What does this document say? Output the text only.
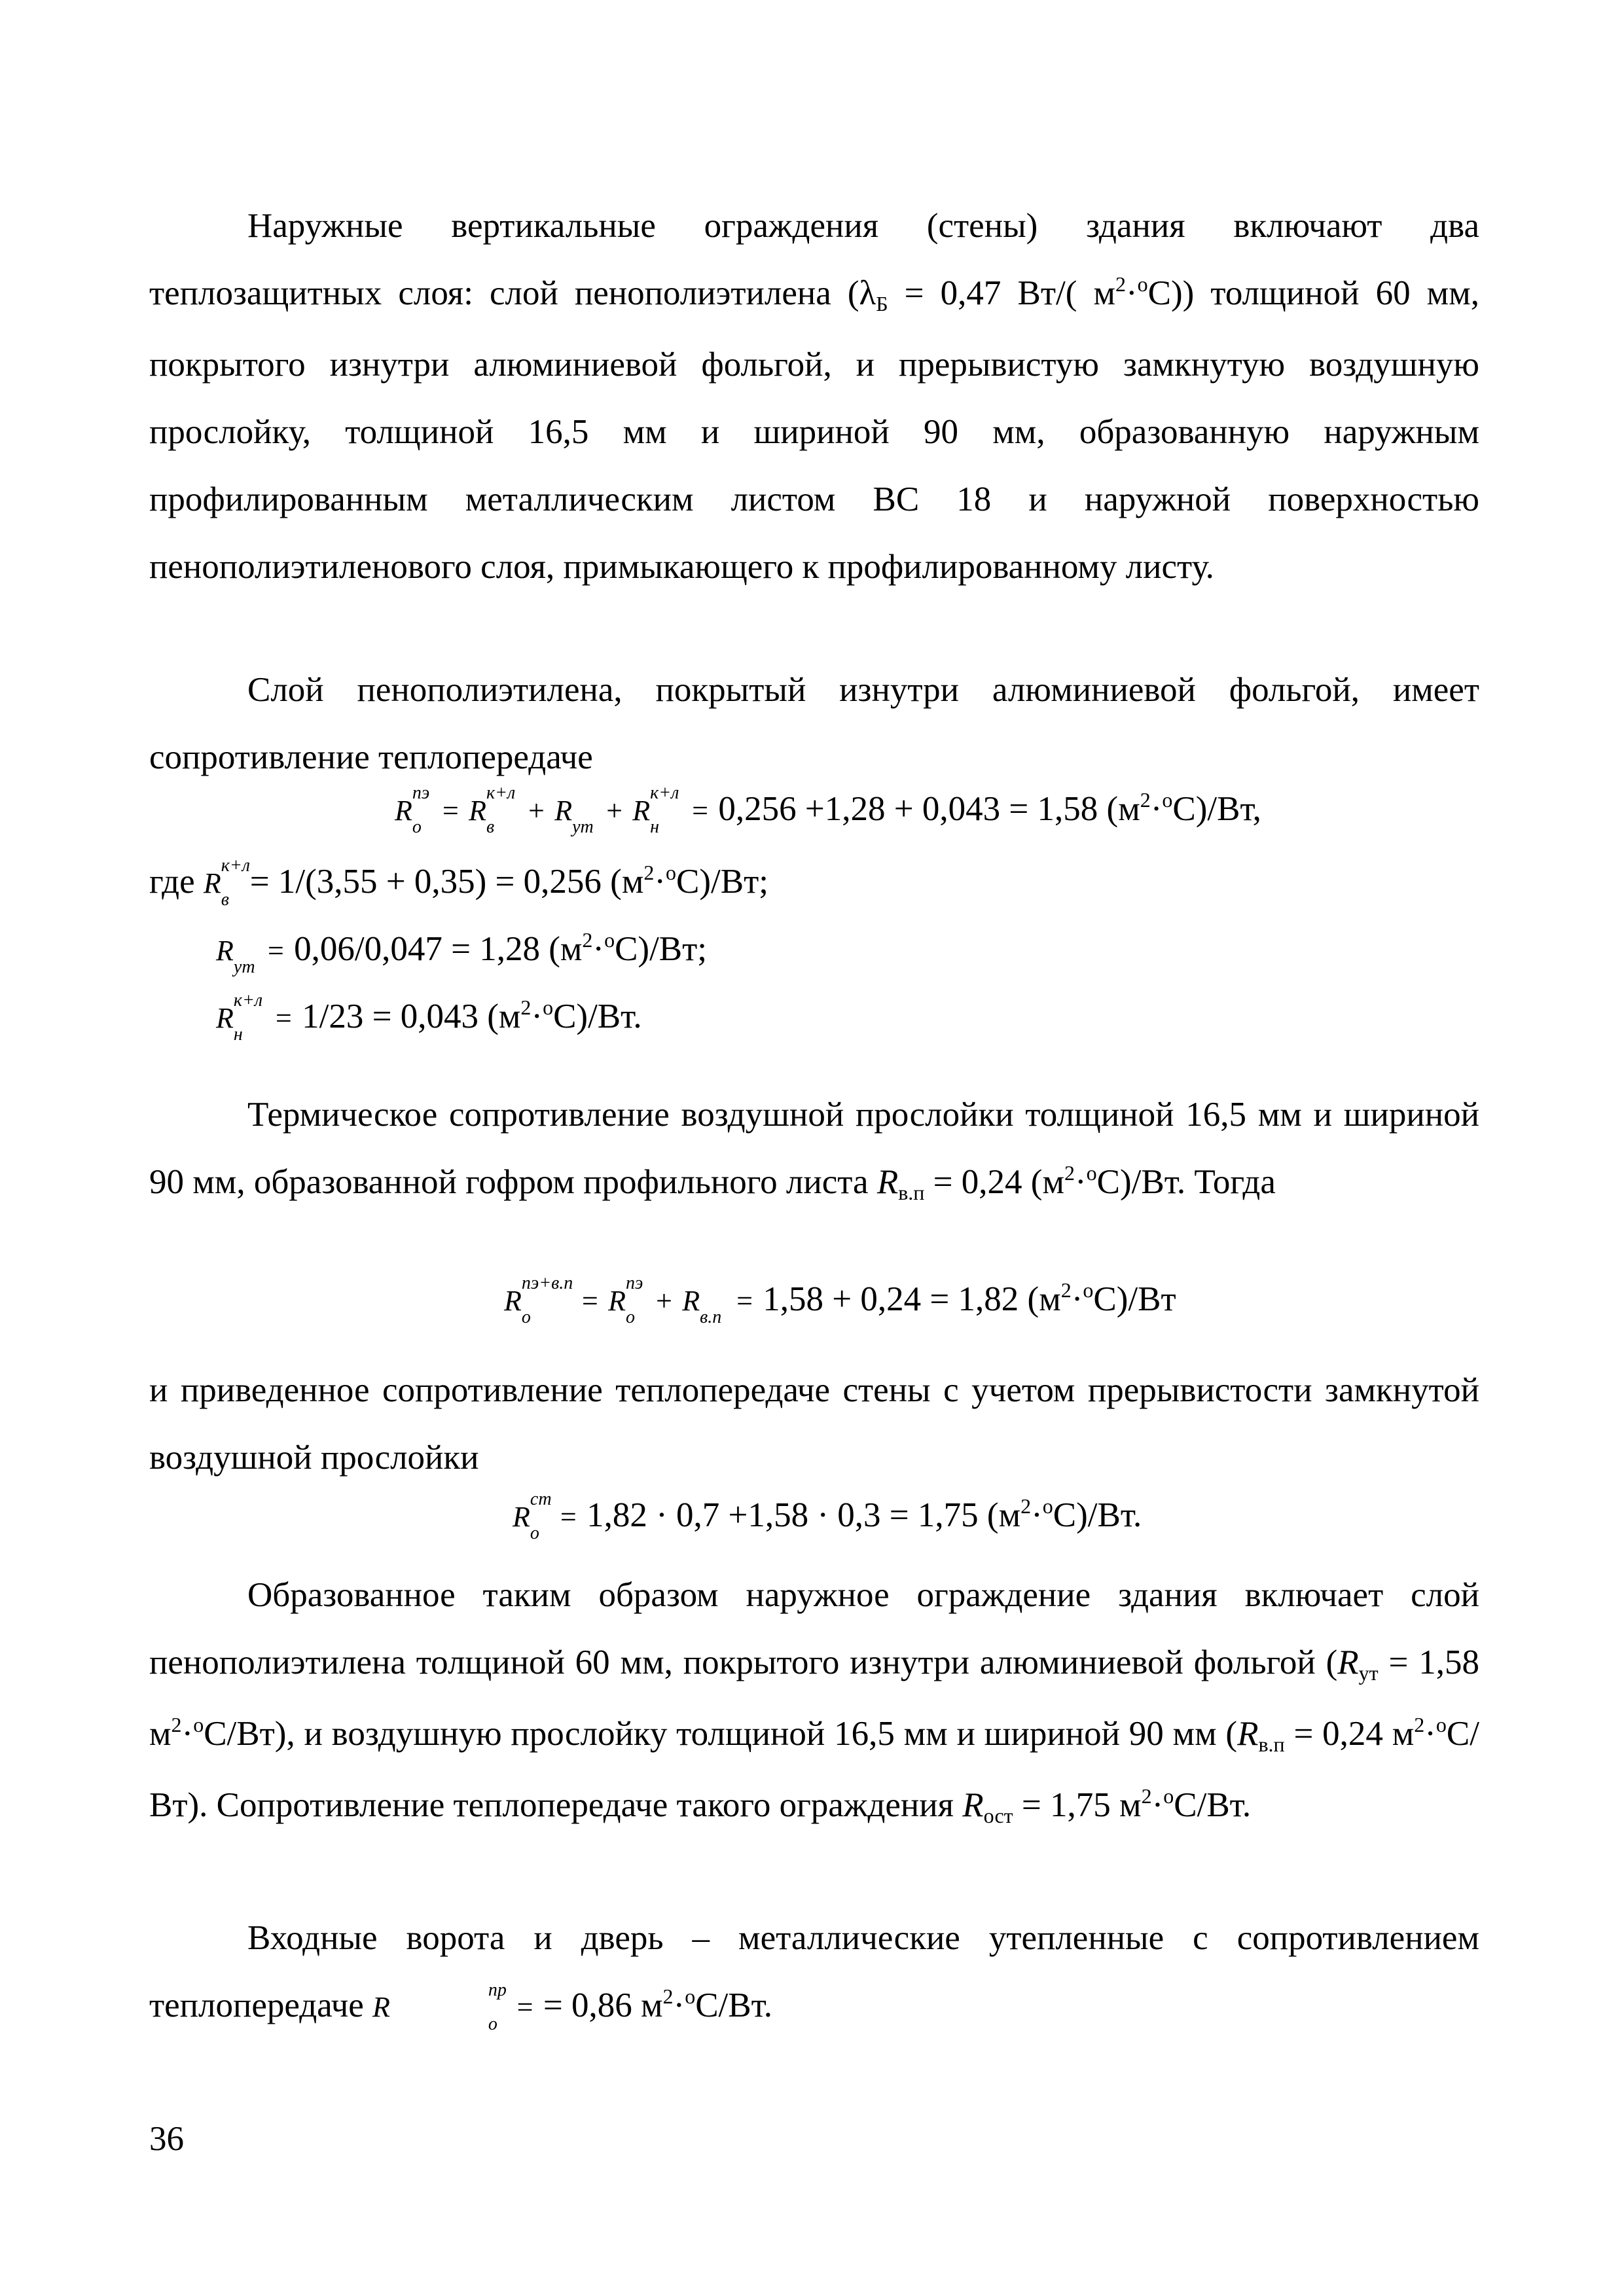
Наружные вертикальные ограждения (стены) здания включают два теплозащитных слоя: слой пенополиэтилена (λБ = 0,47 Вт/( $м^2\cdot^оС$)) толщиной 60 мм, покрытого изнутри алюминиевой фольгой, и прерывистую замкнутую воздушную прослойку, толщиной 16,5 мм и шириной 90 мм, образованную наружным профилированным металлическим листом ВС 18 и наружной поверхностью пенополиэтиленового слоя, примыкающего к профилированному листу.

Слой пенополиэтилена, покрытый изнутри алюминиевой фольгой, имеет сопротивление теплопередаче

R
пэ
о
= R
к+л
в
+ R
ут
+ R
к+л
н
= 0,256 +1,28 + 0,043 = 1,58 $(м^2\cdot^оС)/Вт$,
где R
к+л
в = 1/(3,55 + 0,35) = 0,256 $(м^2\cdot^оС)/Вт$;
R
ут
= 0,06/0,047 = 1,28 $(м^2\cdot^оС)/Вт$;
R
к+л
н
= 1/23 = 0,043 $(м^2\cdot^оС)/Вт$.

Термическое сопротивление воздушной прослойки толщиной 16,5 мм и шириной 90 мм, образованной гофром профильного листа Rв.п = 0,24 $(м^2\cdot^оС)/Вт$. Тогда

R
пэ+в.п
о
= R
пэ
о
+ R
в.п
= 1,58 + 0,24 = 1,82 $(м^2\cdot^оС)/Вт$

и приведенное сопротивление теплопередаче стены с учетом прерывистости замкнутой воздушной прослойки

R
ст
о
= 1,82 · 0,7 +1,58 · 0,3 = 1,75 $(м^2\cdot^оС)/Вт$.

Образованное таким образом наружное ограждение здания включает слой пенополиэтилена толщиной 60 мм, покрытого изнутри алюминиевой фольгой (Rут = 1,58 $м^2\cdot^оС/Вт$), и воздушную прослойку толщиной 16,5 мм и шириной 90 мм (Rв.п = 0,24 $м^2\cdot^оС/Вт$). Сопротивление теплопередаче такого ограждения Rост = 1,75 $м^2\cdot^оС/Вт$.

Входные ворота и дверь – металлические утепленные с сопротивлением теплопередаче R
пр
о
= = 0,86 $м^2\cdot^оС/Вт$.

36
